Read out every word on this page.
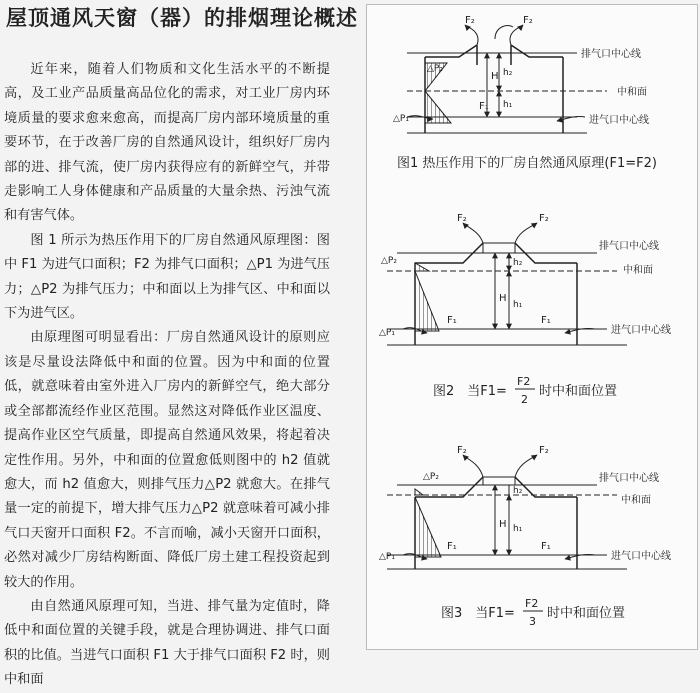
屋顶通风天窗（器）的排烟理论概述

近年来，随着人们物质和文化生活水平的不断提高，及工业产品质量高品位化的需求，对工业厂房内环境质量的要求愈来愈高，而提高厂房内部环境质量的重要环节，在于改善厂房的自然通风设计，组织好厂房内部的进、排气流，使厂房内获得应有的新鲜空气，并带走影响工人身体健康和产品质量的大量余热、污浊气流和有害气体。

图 1 所示为热压作用下的厂房自然通风原理图：图中 F1 为进气口面积；F2 为排气口面积；△P1 为进气压力；△P2 为排气压力；中和面以上为排气区、中和面以下为进气区。

由原理图可明显看出：厂房自然通风设计的原则应该是尽量设法降低中和面的位置。因为中和面的位置低，就意味着由室外进入厂房内的新鲜空气，绝大部分或全部都流经作业区范围。显然这对降低作业区温度、提高作业区空气质量，即提高自然通风效果，将起着决定性作用。另外，中和面的位置愈低则图中的 h2 值就愈大，而 h2 值愈大，则排气压力△P2 就愈大。在排气量一定的前提下，增大排气压力△P2 就意味着可减小排气口天窗开口面积 F2。不言而喻，减小天窗开口面积，必然对减少厂房结构断面、降低厂房土建工程投资起到较大的作用。

由自然通风原理可知，当进、排气量为定值时，降低中和面位置的关键手段，就是合理协调进、排气口面积的比值。当进气口面积 F1 大于排气口面积 F2 时，则中和面

F₂	F₂
F₁
H h₂
h₁
△P₂
△P₁
排气口中心线
中和面
进气口中心线
图1 热压作用下的厂房自然通风原理(F1=F2)
F₂	F₂
F₁	F₁
H
h₂
h₁
△P₂
△P₁
排气口中心线
中和面
进气口中心线
图2　当F1=
F2
2
时中和面位置
F₂	F₂
F₁	F₁
H
h₂
h₁
△P₂
△P₁
排气口中心线
中和面
进气口中心线
图3　当F1=
F2
3
时中和面位置
